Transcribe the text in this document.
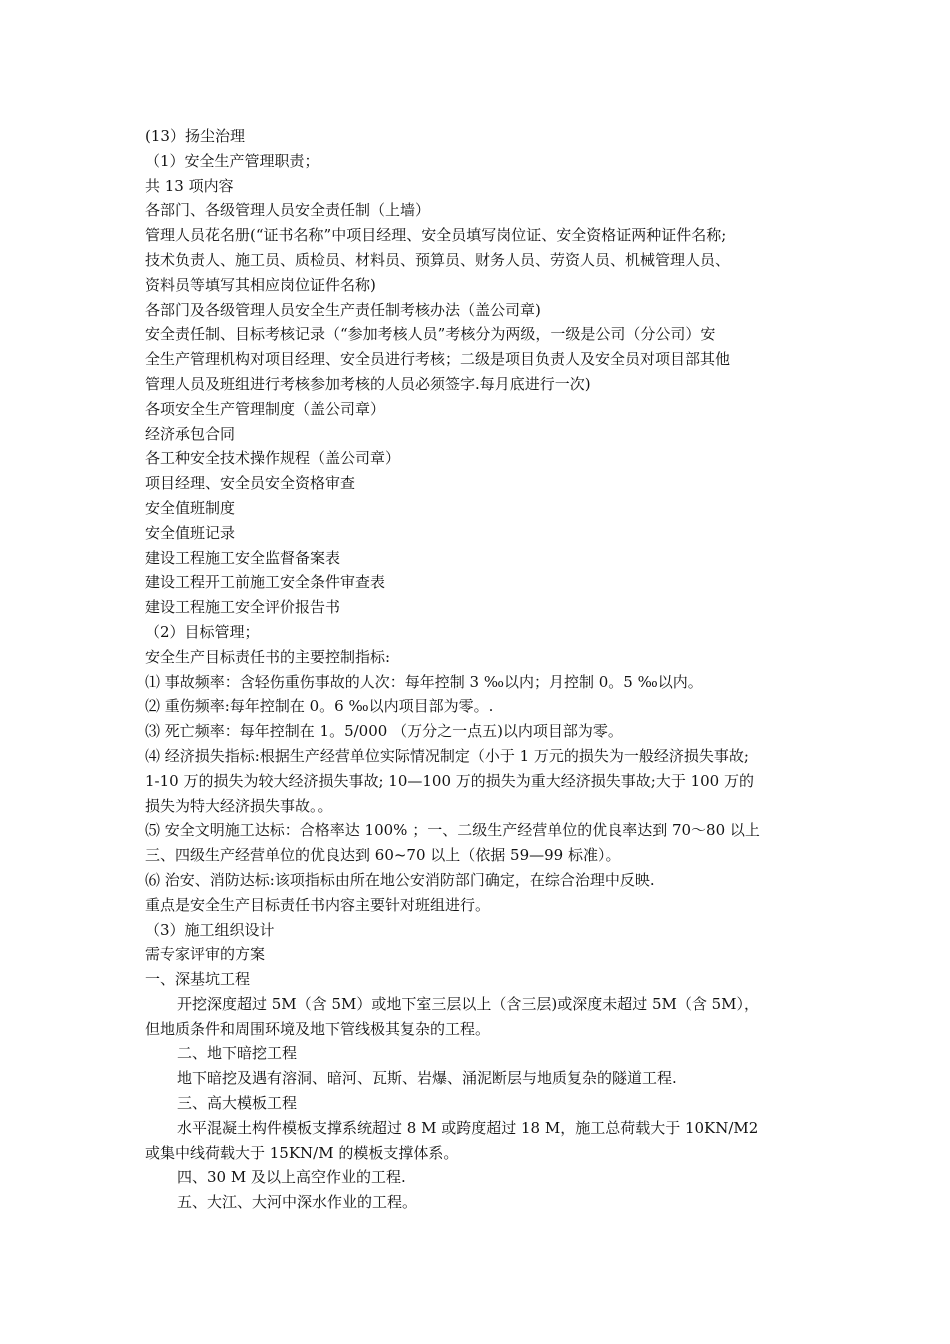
(13）扬尘治理
（1）安全生产管理职责；
共 13 项内容
各部门、各级管理人员安全责任制（上墙）
管理人员花名册(“证书名称”中项目经理、安全员填写岗位证、安全资格证两种证件名称;
技术负责人、施工员、质检员、材料员、预算员、财务人员、劳资人员、机械管理人员、
资料员等填写其相应岗位证件名称)
各部门及各级管理人员安全生产责任制考核办法（盖公司章)
安全责任制、目标考核记录（“参加考核人员”考核分为两级，一级是公司（分公司）安
全生产管理机构对项目经理、安全员进行考核；二级是项目负责人及安全员对项目部其他
管理人员及班组进行考核参加考核的人员必须签字.每月底进行一次)
各项安全生产管理制度（盖公司章）
经济承包合同
各工种安全技术操作规程（盖公司章）
项目经理、安全员安全资格审查
安全值班制度
安全值班记录
建设工程施工安全监督备案表
建设工程开工前施工安全条件审查表
建设工程施工安全评价报告书
（2）目标管理；
安全生产目标责任书的主要控制指标:
⑴ 事故频率：含轻伤重伤事故的人次：每年控制 3 ‰以内；月控制 0。5 ‰以内。
⑵ 重伤频率:每年控制在 0。6 ‰以内项目部为零。.
⑶ 死亡频率：每年控制在 1。5/000 （万分之一点五)以内项目部为零。
⑷ 经济损失指标:根据生产经营单位实际情况制定（小于 1 万元的损失为一般经济损失事故;
1-10 万的损失为较大经济损失事故; 10—100 万的损失为重大经济损失事故;大于 100 万的
损失为特大经济损失事故。。
⑸ 安全文明施工达标：合格率达 100% ；一、二级生产经营单位的优良率达到 70～80 以上
三、四级生产经营单位的优良达到 60~70 以上（依据 59—99 标准）。
⑹ 治安、消防达标:该项指标由所在地公安消防部门确定，在综合治理中反映.
重点是安全生产目标责任书内容主要针对班组进行。
（3）施工组织设计
需专家评审的方案
一、深基坑工程
开挖深度超过 5M（含 5M）或地下室三层以上（含三层)或深度未超过 5M（含 5M），
但地质条件和周围环境及地下管线极其复杂的工程。
二、地下暗挖工程
地下暗挖及遇有溶洞、暗河、瓦斯、岩爆、涌泥断层与地质复杂的隧道工程.
三、高大模板工程
水平混凝土构件模板支撑系统超过 8 M 或跨度超过 18 M，施工总荷载大于 10KN/M2
或集中线荷载大于 15KN/M 的模板支撑体系。
四、30 M 及以上高空作业的工程.
五、大江、大河中深水作业的工程。
